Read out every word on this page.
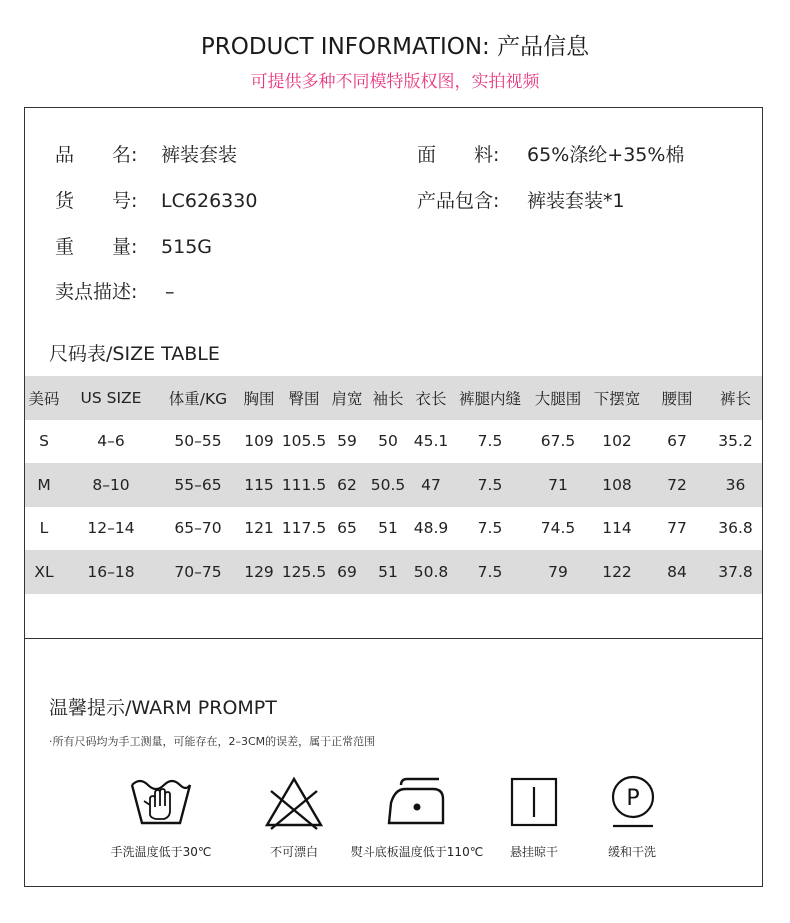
PRODUCT INFORMATION: 产品信息
可提供多种不同模特版权图，实拍视频
品　　名: 裤装套装	面　　料: 65%涤纶+35%棉
货　　号: LC626330	产品包含: 裤装套装*1
重　　量: 515G
卖点描述: –
尺码表/SIZE TABLE
美码	US SIZE	体重/KG	胸围	臀围	肩宽	袖长	衣长	裤腿内缝	大腿围	下摆宽	腰围	裤长
S	4–6	50–55	109	105.5	59	50	45.1	7.5	67.5	102	67	35.2
M	8–10	55–65	115	111.5	62	50.5	47	7.5	71	108	72	36
L	12–14	65–70	121	117.5	65	51	48.9	7.5	74.5	114	77	36.8
XL	16–18	70–75	129	125.5	69	51	50.8	7.5	79	122	84	37.8
温馨提示/WARM PROMPT
·所有尺码均为手工测量，可能存在，2–3CM的误差，属于正常范围
手洗温度低于30℃	不可漂白	熨斗底板温度低于110℃	悬挂晾干
P
缓和干洗
